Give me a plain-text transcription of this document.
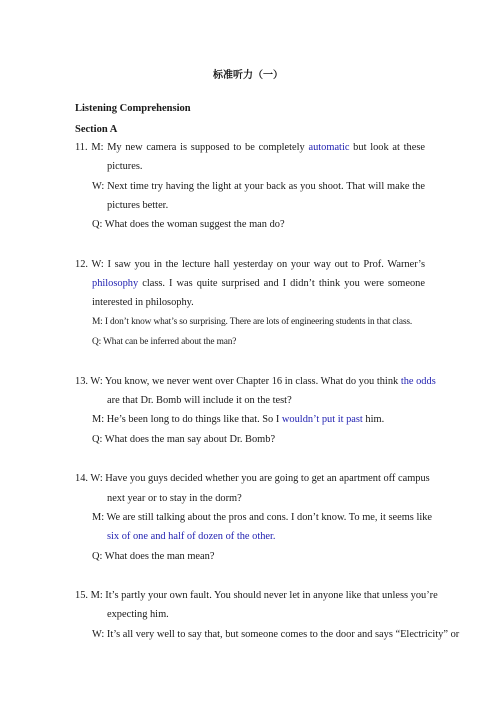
标准听力（一）
Listening Comprehension
Section A
11. M: My new camera is supposed to be completely automatic but look at these
pictures.
W: Next time try having the light at your back as you shoot. That will make the
pictures better.
Q: What does the woman suggest the man do?
12. W: I saw you in the lecture hall yesterday on your way out to Prof. Warner’s
philosophy class. I was quite surprised and I didn’t think you were someone
interested in philosophy.
M: I don’t know what’s so surprising. There are lots of engineering students in that class.
Q: What can be inferred about the man?
13. W: You know, we never went over Chapter 16 in class. What do you think the odds
are that Dr. Bomb will include it on the test?
M: He’s been long to do things like that. So I wouldn’t put it past him.
Q: What does the man say about Dr. Bomb?
14. W: Have you guys decided whether you are going to get an apartment off campus
next year or to stay in the dorm?
M: We are still talking about the pros and cons. I don’t know. To me, it seems like
six of one and half of dozen of the other.
Q: What does the man mean?
15. M: It’s partly your own fault. You should never let in anyone like that unless you’re
expecting him.
W: It’s all very well to say that, but someone comes to the door and says “Electricity” or
